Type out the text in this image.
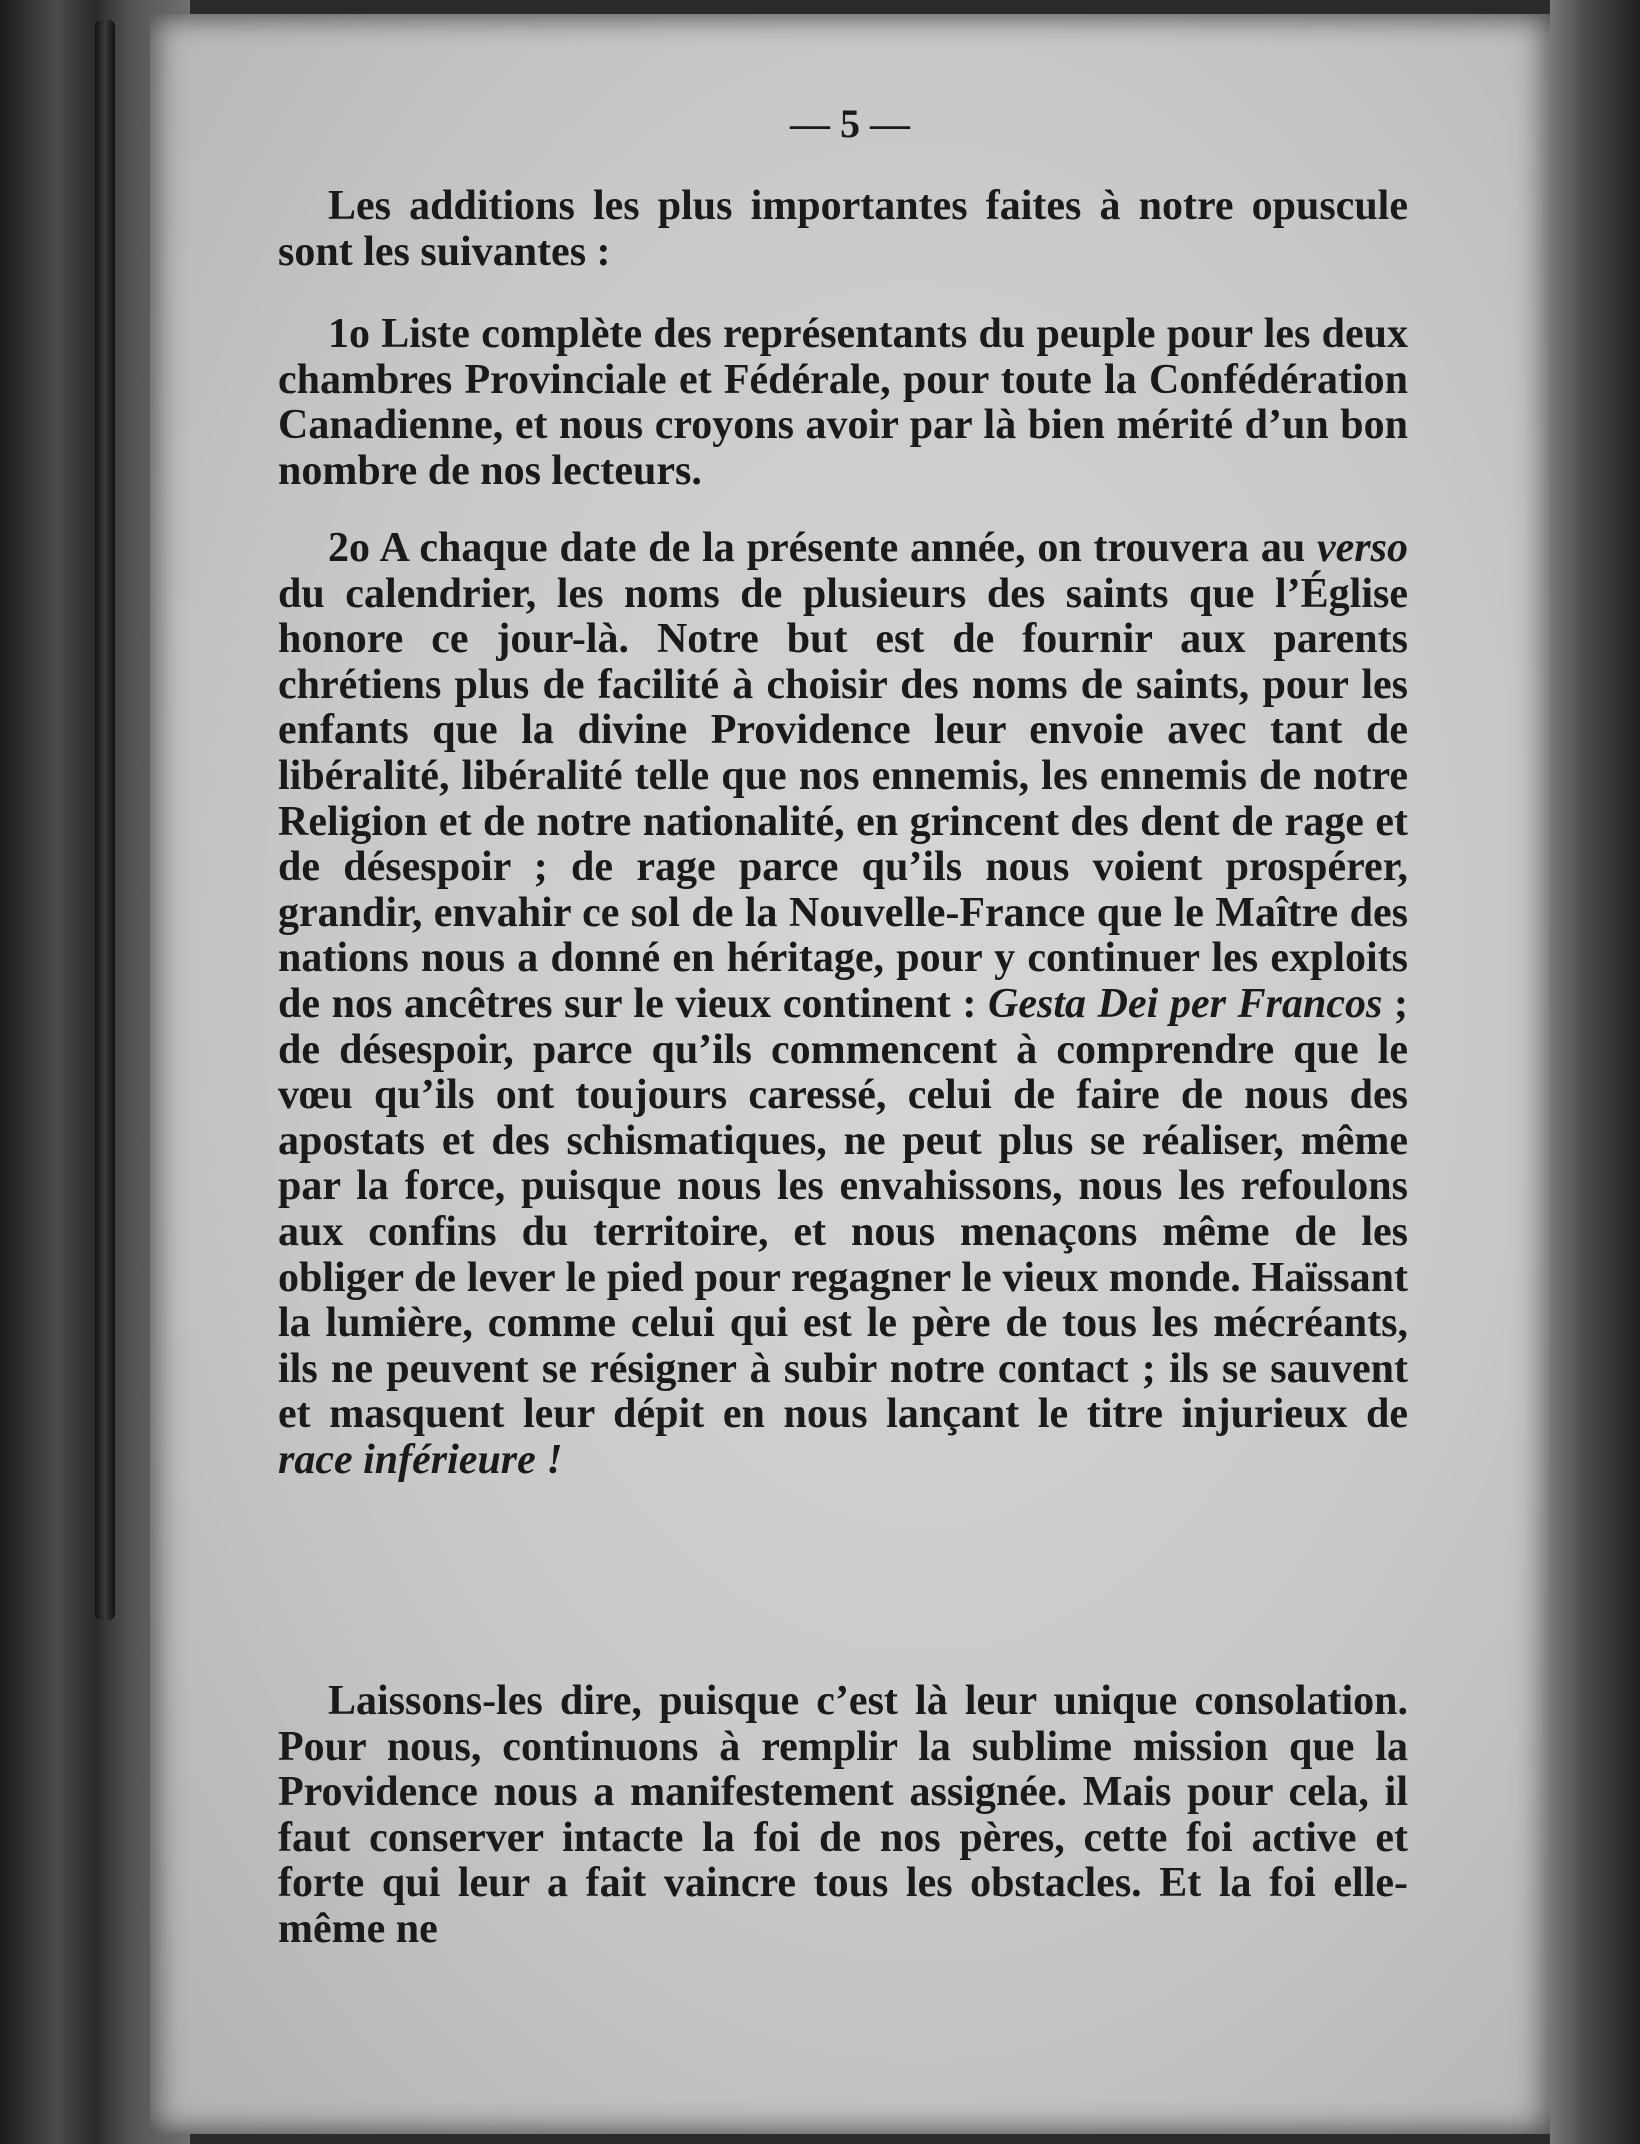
— 5 —

Les additions les plus importantes faites à notre opuscule sont les suivantes :

1o Liste complète des représentants du peuple pour les deux chambres Provinciale et Fédérale, pour toute la Confédération Canadienne, et nous croyons avoir par là bien mérité d’un bon nombre de nos lecteurs.

2o A chaque date de la présente année, on trouvera au verso du calendrier, les noms de plusieurs des saints que l’Église honore ce jour-là. Notre but est de fournir aux parents chrétiens plus de facilité à choisir des noms de saints, pour les enfants que la divine Providence leur envoie avec tant de libéralité, libéralité telle que nos ennemis, les ennemis de notre Religion et de notre nationalité, en grincent des dent de rage et de désespoir ; de rage parce qu’ils nous voient prospérer, grandir, envahir ce sol de la Nouvelle-France que le Maître des nations nous a donné en héritage, pour y continuer les exploits de nos ancêtres sur le vieux continent : Gesta Dei per Francos ; de désespoir, parce qu’ils commencent à comprendre que le vœu qu’ils ont toujours caressé, celui de faire de nous des apostats et des schismatiques, ne peut plus se réaliser, même par la force, puisque nous les envahissons, nous les refoulons aux confins du territoire, et nous menaçons même de les obliger de lever le pied pour regagner le vieux monde. Haïssant la lumière, comme celui qui est le père de tous les mécréants, ils ne peuvent se résigner à subir notre contact ; ils se sauvent et masquent leur dépit en nous lançant le titre injurieux de race inférieure !

Laissons-les dire, puisque c’est là leur unique consolation. Pour nous, continuons à remplir la sublime mission que la Providence nous a manifestement assignée. Mais pour cela, il faut conserver intacte la foi de nos pères, cette foi active et forte qui leur a fait vaincre tous les obstacles. Et la foi elle-même ne
